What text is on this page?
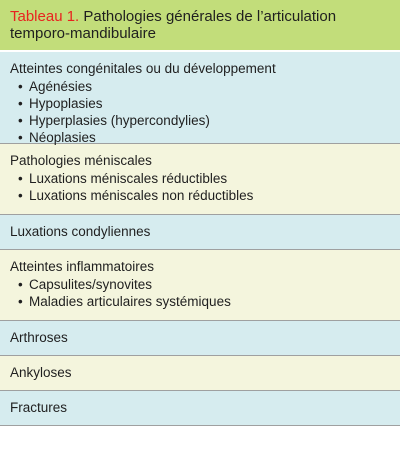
Tableau 1. Pathologies générales de l’articulation temporo-mandibulaire
Atteintes congénitales ou du développement
• Agénésies
• Hypoplasies
• Hyperplasies (hypercondylies)
• Néoplasies
Pathologies méniscales
• Luxations méniscales réductibles
• Luxations méniscales non réductibles
Luxations condyliennes
Atteintes inflammatoires
• Capsulites/synovites
• Maladies articulaires systémiques
Arthroses
Ankyloses
Fractures
